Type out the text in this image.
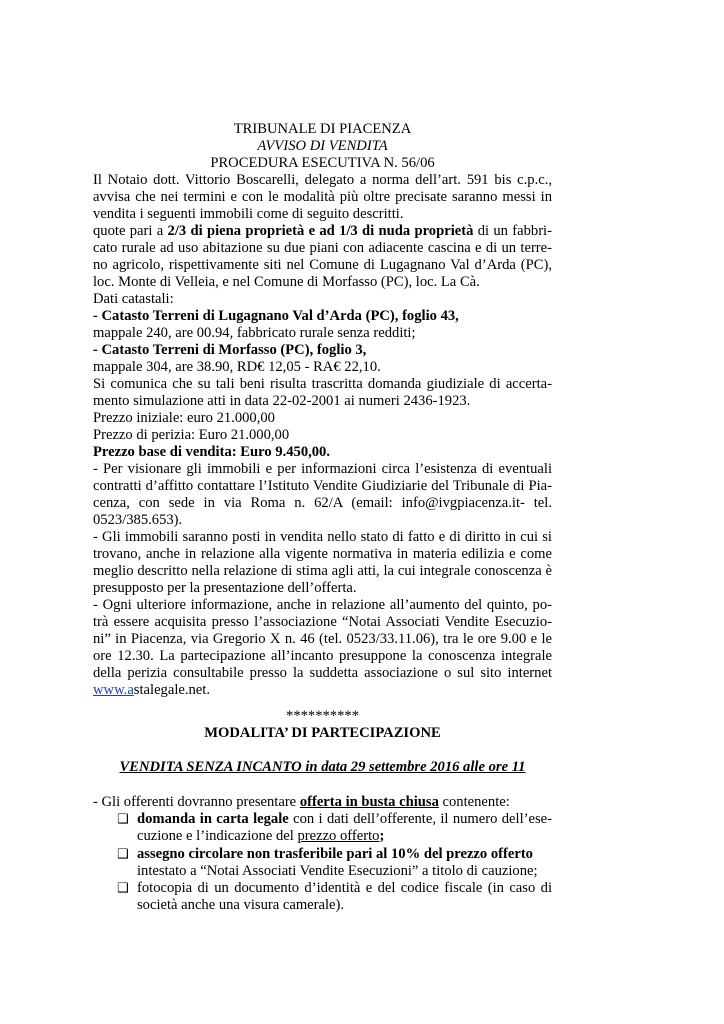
TRIBUNALE DI PIACENZA
AVVISO DI VENDITA
PROCEDURA ESECUTIVA N. 56/06
Il Notaio dott. Vittorio Boscarelli, delegato a norma dell’art. 591 bis c.p.c.,
avvisa che nei termini e con le modalità più oltre precisate saranno messi in
vendita i seguenti immobili come di seguito descritti.
quote pari a 2/3 di piena proprietà e ad 1/3 di nuda proprietà di un fabbri-
cato rurale ad uso abitazione su due piani con adiacente cascina e di un terre-
no agricolo, rispettivamente siti nel Comune di Lugagnano Val d’Arda (PC),
loc. Monte di Velleia, e nel Comune di Morfasso (PC), loc. La Cà.
Dati catastali:
- Catasto Terreni di Lugagnano Val d’Arda (PC), foglio 43,
mappale 240, are 00.94, fabbricato rurale senza redditi;
- Catasto Terreni di Morfasso (PC), foglio 3,
mappale 304, are 38.90, RD€ 12,05 - RA€ 22,10.
Si comunica che su tali beni risulta trascritta domanda giudiziale di accerta-
mento simulazione atti in data 22-02-2001 ai numeri 2436-1923.
Prezzo iniziale: euro 21.000,00
Prezzo di perizia: Euro 21.000,00
Prezzo base di vendita: Euro 9.450,00.
- Per visionare gli immobili e per informazioni circa l’esistenza di eventuali
contratti d’affitto contattare l’Istituto Vendite Giudiziarie del Tribunale di Pia-
cenza, con sede in via Roma n. 62/A (email: info@ivgpiacenza.it- tel.
0523/385.653).
- Gli immobili saranno posti in vendita nello stato di fatto e di diritto in cui si
trovano, anche in relazione alla vigente normativa in materia edilizia e come
meglio descritto nella relazione di stima agli atti, la cui integrale conoscenza è
presupposto per la presentazione dell’offerta.
- Ogni ulteriore informazione, anche in relazione all’aumento del quinto, po-
trà essere acquisita presso l’associazione “Notai Associati Vendite Esecuzio-
ni” in Piacenza, via Gregorio X n. 46 (tel. 0523/33.11.06), tra le ore 9.00 e le
ore 12.30. La partecipazione all’incanto presuppone la conoscenza integrale
della perizia consultabile presso la suddetta associazione o sul sito internet
www.astalegale.net.
**********
MODALITA’ DI PARTECIPAZIONE
VENDITA SENZA INCANTO in data 29 settembre 2016 alle ore 11
- Gli offerenti dovranno presentare offerta in busta chiusa contenente:
❑ domanda in carta legale con i dati dell’offerente, il numero dell’ese-
cuzione e l’indicazione del prezzo offerto;
❑ assegno circolare non trasferibile pari al 10% del prezzo offerto
intestato a “Notai Associati Vendite Esecuzioni” a titolo di cauzione;
❑ fotocopia di un documento d’identità e del codice fiscale (in caso di
società anche una visura camerale).
